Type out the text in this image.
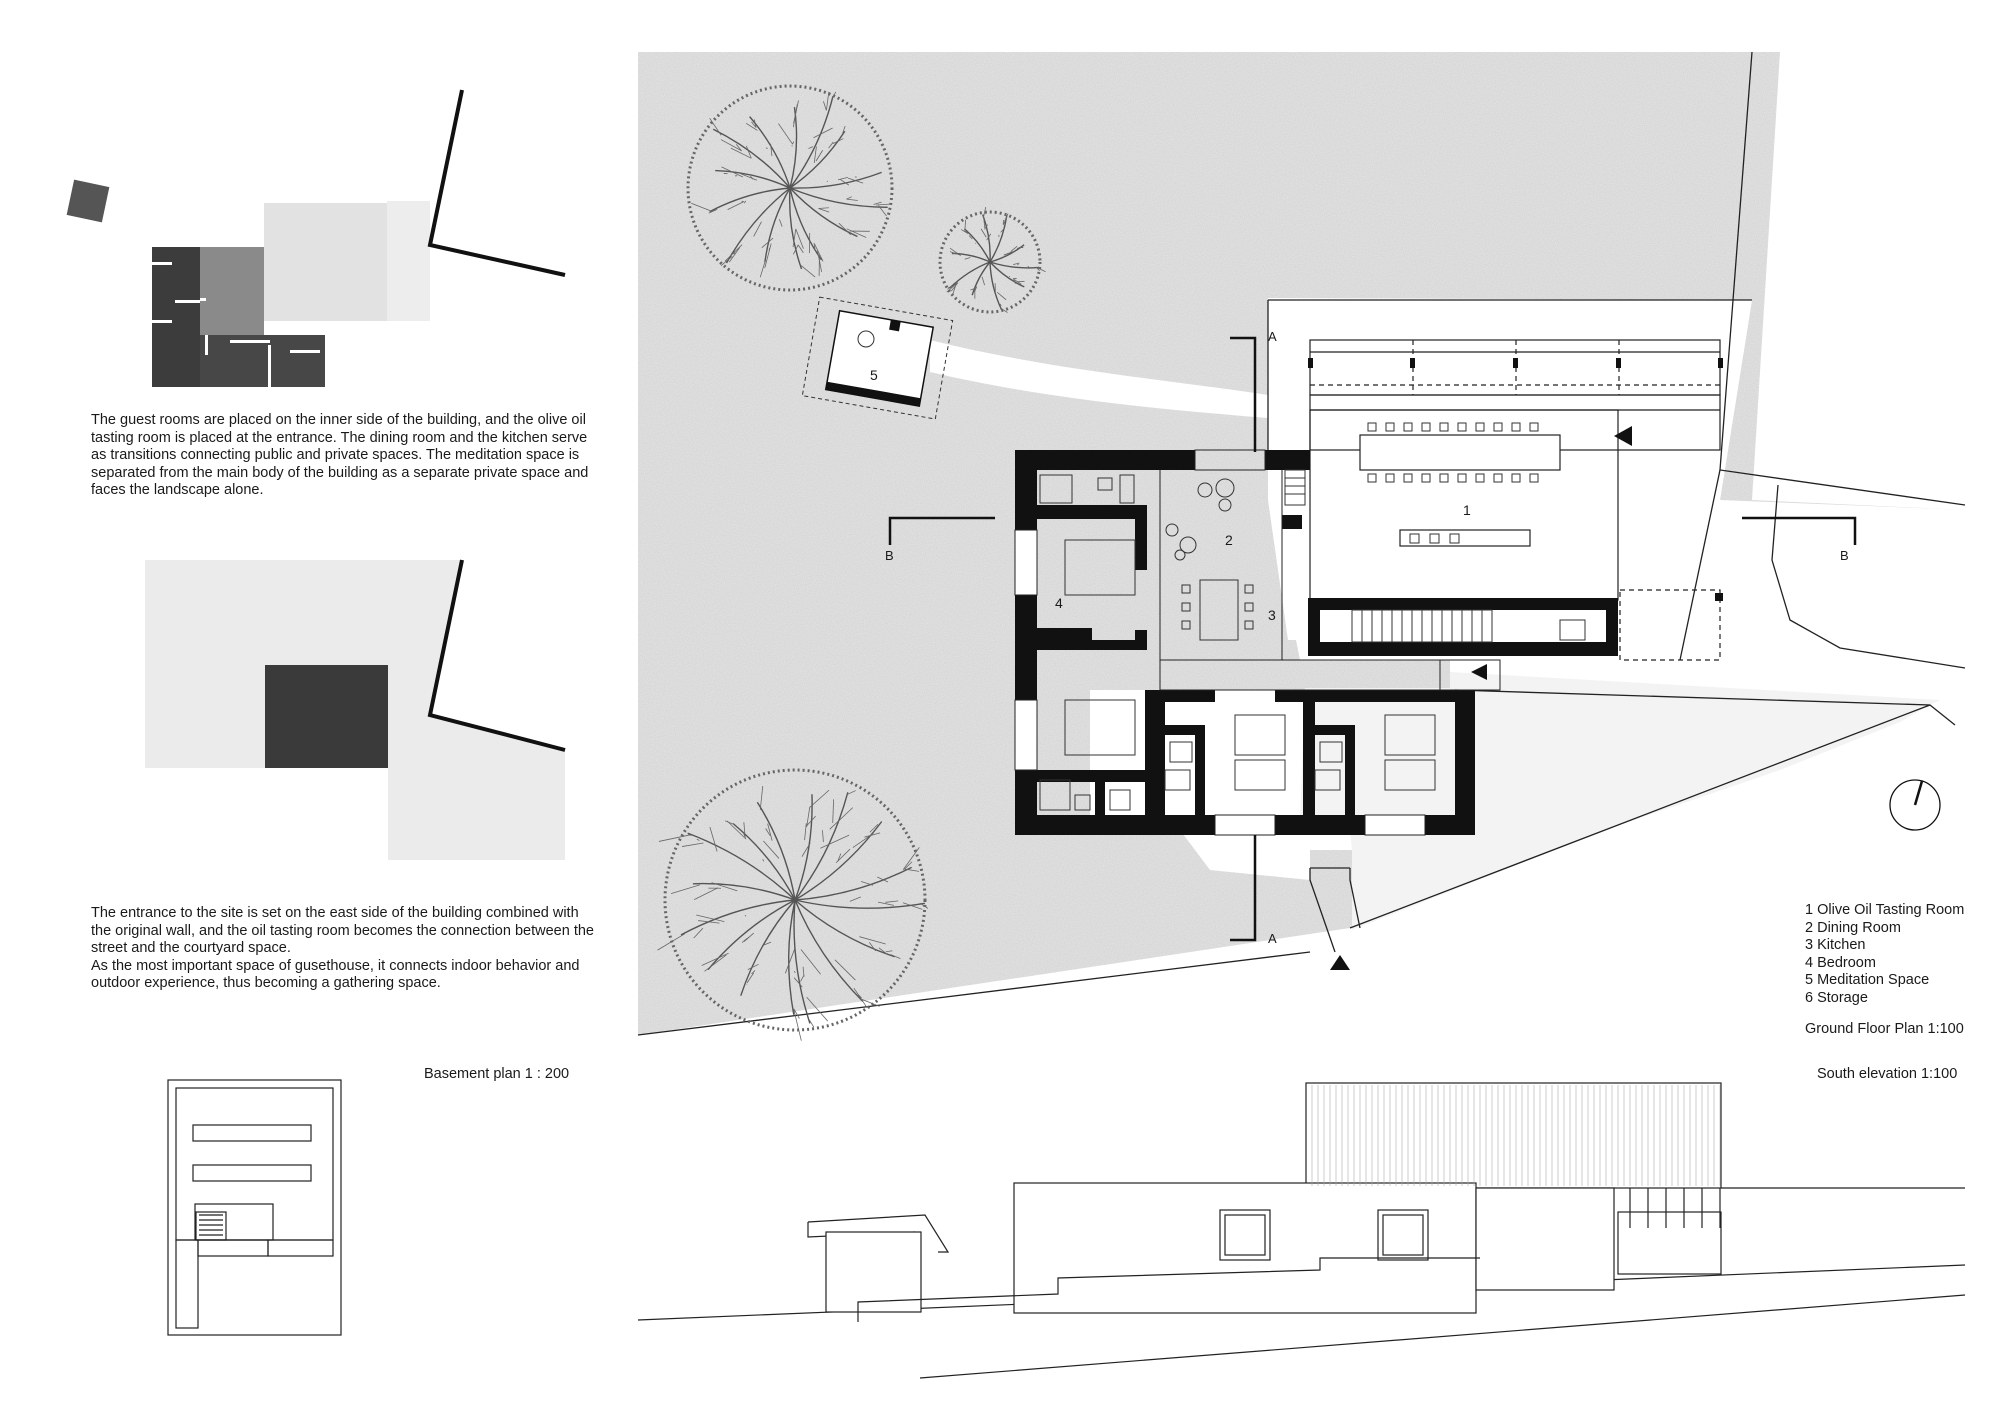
1
2
3
4
5
A
A
B	B
The guest rooms are placed on the inner side of the building, and the olive oil tasting room is placed at the entrance. The dining room and the kitchen serve as transitions connecting public and private spaces. The meditation space is separated from the main body of the building as a separate private space and faces the landscape alone.
The entrance to the site is set on the east side of the building combined with the original wall, and the oil tasting room becomes the connection between the street and the courtyard space.
As the most important space of gusethouse, it connects indoor behavior and outdoor experience, thus becoming a gathering space.
Basement plan 1 : 200
1 Olive Oil Tasting Room
2 Dining Room
3 Kitchen
4 Bedroom
5 Meditation Space
6 Storage
Ground Floor Plan 1:100
South elevation 1:100
